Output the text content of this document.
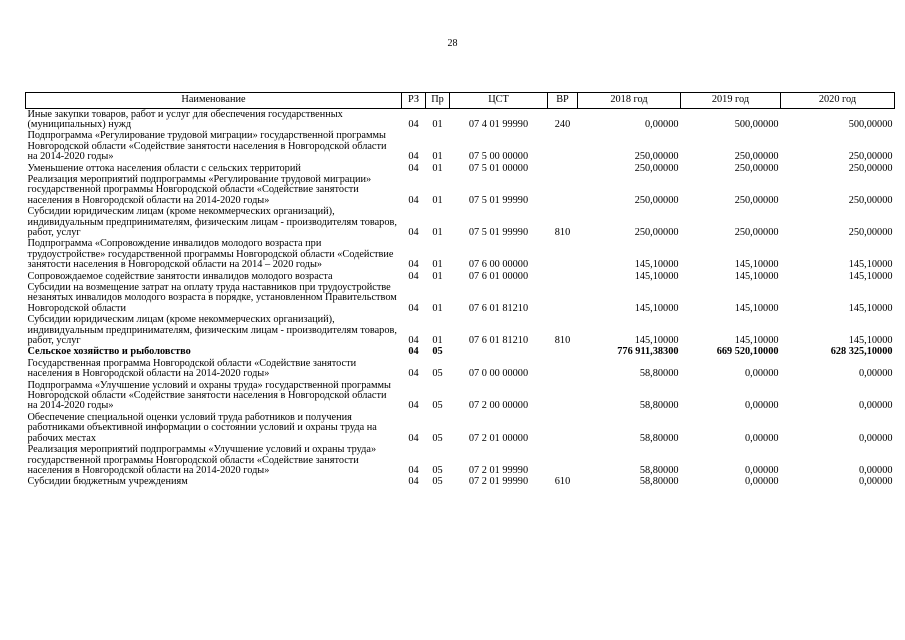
28
Наименование	РЗ	Пр	ЦСТ	ВР	2018 год	2019 год	2020 год
Иные закупки товаров, работ и услуг для обеспечения государственных (муниципальных) нужд	04	01	07 4 01 99990	240	0,00000	500,00000	500,00000
Подпрограмма «Регулирование трудовой миграции» государственной программы Новгородской области «Содействие занятости населения в Новгородской области на 2014-2020 годы»	04	01	07 5 00 00000		250,00000	250,00000	250,00000
Уменьшение оттока населения области с сельских территорий	04	01	07 5 01 00000		250,00000	250,00000	250,00000
Реализация мероприятий подпрограммы «Регулирование трудовой миграции» государственной программы Новгородской области «Содействие занятости населения в Новгородской области на 2014-2020 годы»	04	01	07 5 01 99990		250,00000	250,00000	250,00000
Субсидии юридическим лицам (кроме некоммерческих организаций), индивидуальным предпринимателям, физическим лицам - производителям товаров, работ, услуг	04	01	07 5 01 99990	810	250,00000	250,00000	250,00000
Подпрограмма «Сопровождение инвалидов молодого возраста при трудоустройстве» государственной программы Новгородской области «Содействие занятости населения в Новгородской области на 2014 – 2020 годы»	04	01	07 6 00 00000		145,10000	145,10000	145,10000
Сопровождаемое содействие занятости инвалидов молодого возраста	04	01	07 6 01 00000		145,10000	145,10000	145,10000
Субсидии на возмещение затрат на оплату труда наставников при трудоустройстве незанятых инвалидов молодого возраста в порядке, установленном Правительством Новгородской области	04	01	07 6 01 81210		145,10000	145,10000	145,10000
Субсидии юридическим лицам (кроме некоммерческих организаций), индивидуальным предпринимателям, физическим лицам - производителям товаров, работ, услуг	04	01	07 6 01 81210	810	145,10000	145,10000	145,10000
Сельское хозяйство и рыболовство	04	05			776 911,38300	669 520,10000	628 325,10000
Государственная программа Новгородской области «Содействие занятости населения в Новгородской области на 2014-2020 годы»	04	05	07 0 00 00000		58,80000	0,00000	0,00000
Подпрограмма «Улучшение условий и охраны труда» государственной программы Новгородской области «Содействие занятости населения в Новгородской области на 2014-2020 годы»	04	05	07 2 00 00000		58,80000	0,00000	0,00000
Обеспечение специальной оценки условий труда работников и получения работниками объективной информации о состоянии условий и охраны труда на рабочих местах	04	05	07 2 01 00000		58,80000	0,00000	0,00000
Реализация мероприятий подпрограммы «Улучшение условий и охраны труда» государственной программы Новгородской области «Содействие занятости населения в Новгородской области на 2014-2020 годы»	04	05	07 2 01 99990		58,80000	0,00000	0,00000
Субсидии бюджетным учреждениям	04	05	07 2 01 99990	610	58,80000	0,00000	0,00000
